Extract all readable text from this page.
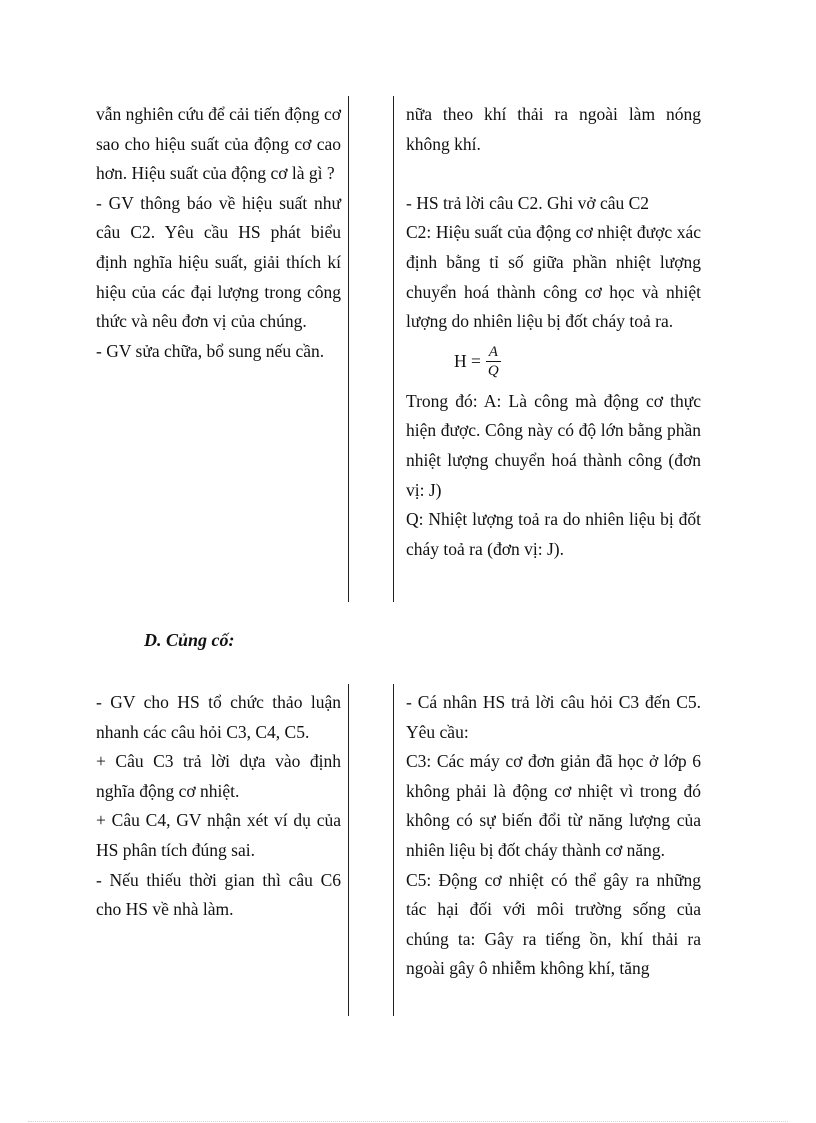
vẫn nghiên cứu để cải tiến động cơ sao cho hiệu suất của động cơ cao hơn. Hiệu suất của động cơ là gì ?

- GV thông báo về hiệu suất như câu C2. Yêu cầu HS phát biểu định nghĩa hiệu suất, giải thích kí hiệu của các đại lượng trong công thức và nêu đơn vị của chúng.

- GV sửa chữa, bổ sung nếu cần.

nữa theo khí thải ra ngoài làm nóng không khí.

- HS trả lời câu C2. Ghi vở câu C2

C2: Hiệu suất của động cơ nhiệt được xác định bằng tỉ số giữa phần nhiệt lượng chuyển hoá thành công cơ học và nhiệt lượng do nhiên liệu bị đốt cháy toả ra.

$H = \frac{A}{Q}$

Trong đó: A: Là công mà động cơ thực hiện được. Công này có độ lớn bằng phần nhiệt lượng chuyển hoá thành công (đơn vị: J)

Q: Nhiệt lượng toả ra do nhiên liệu bị đốt cháy toả ra (đơn vị: J).

D. Củng cố:

- GV cho HS tổ chức thảo luận nhanh các câu hỏi C3, C4, C5.

+ Câu C3 trả lời dựa vào định nghĩa động cơ nhiệt.

+ Câu C4, GV nhận xét ví dụ của HS phân tích đúng sai.

- Nếu thiếu thời gian thì câu C6 cho HS về nhà làm.

- Cá nhân HS trả lời câu hỏi C3 đến C5. Yêu cầu:

C3: Các máy cơ đơn giản đã học ở lớp 6 không phải là động cơ nhiệt vì trong đó không có sự biến đổi từ năng lượng của nhiên liệu bị đốt cháy thành cơ năng.

C5: Động cơ nhiệt có thể gây ra những tác hại đối với môi trường sống của chúng ta: Gây ra tiếng ồn, khí thải ra ngoài gây ô nhiễm không khí, tăng
